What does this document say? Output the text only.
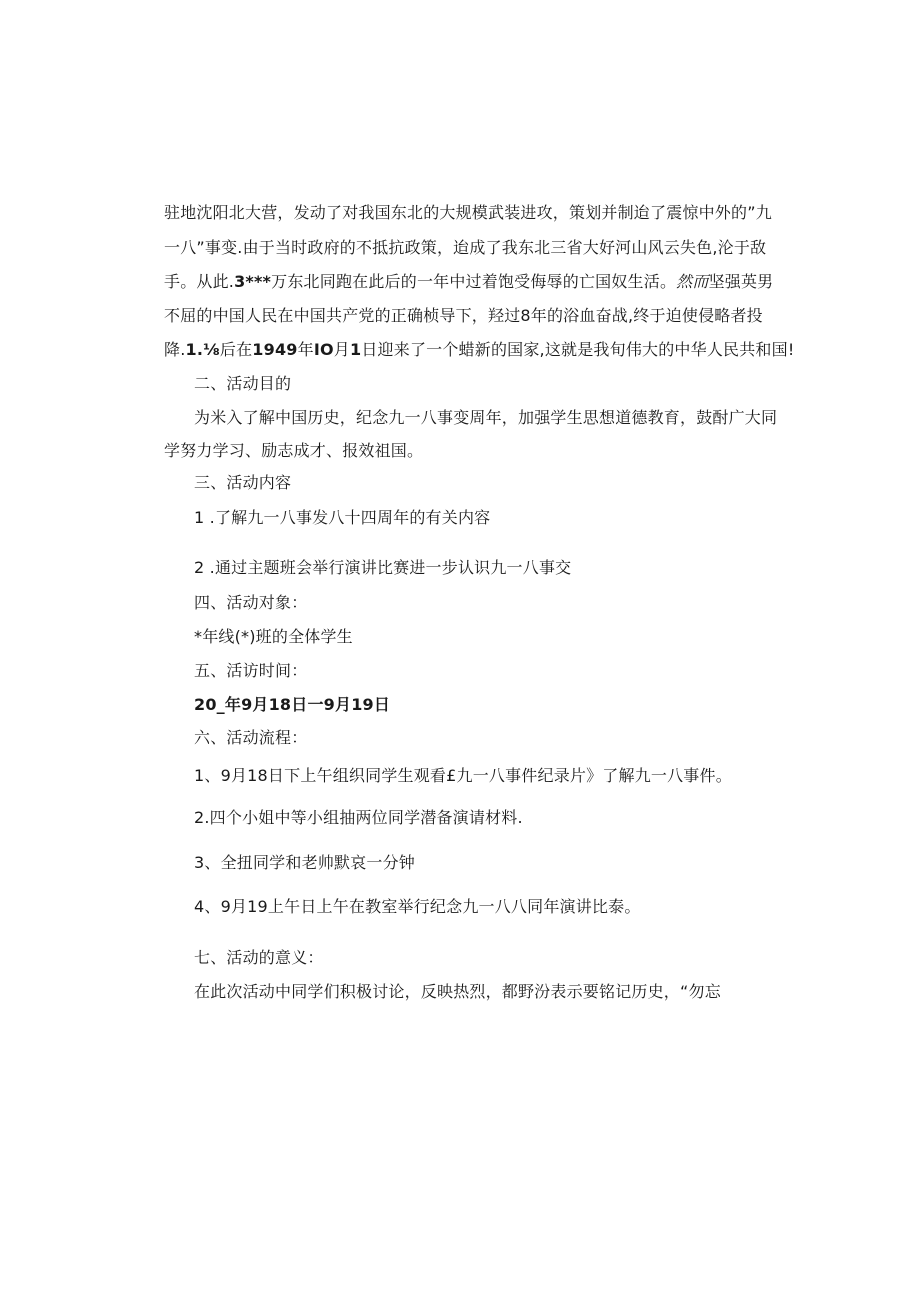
驻地沈阳北大营，发动了对我国东北的大规模武装进攻，策划并制迨了震惊中外的”九
一八”事变.由于当时政府的不抵抗政策，迨成了我东北三省大好河山风云失色,沦于敌
手。从此.3***万东北同跑在此后的一年中过着饱受侮辱的亡国奴生活。然而坚强英男
不屈的中国人民在中国共产党的正确桢导下，羟过8年的浴血奋战,终于迫使侵略者投
降.1.⅛后在1949年IO月1日迎来了一个蜡新的国家,这就是我旬伟大的中华人民共和国!
二、活动目的
为米入了解中国历史，纪念九一八事变周年，加强学生思想道德教育，鼓酎广大同
学努力学习、励志成才、报效祖国。
三、活动内容
1 .了解九一八事发八十四周年的有关内容
2 .通过主题班会举行演讲比赛进一步认识九一八事交
四、活动对象：
*年线(*)班的全体学生
五、活访时间：
20_年9月18日一9月19日
六、活动流程：
1、9月18日下上午组织同学生观看£九一八事件纪录片》了解九一八事件。
2.四个小姐中等小组抽两位同学潜备演请材料.
3、全扭同学和老帅默哀一分钟
4、9月19上午日上午在教室举行纪念九一八八同年演讲比泰。
七、活动的意义：
在此次活动中同学们积极讨论，反映热烈，都野汾表示要铭记历史，“勿忘
